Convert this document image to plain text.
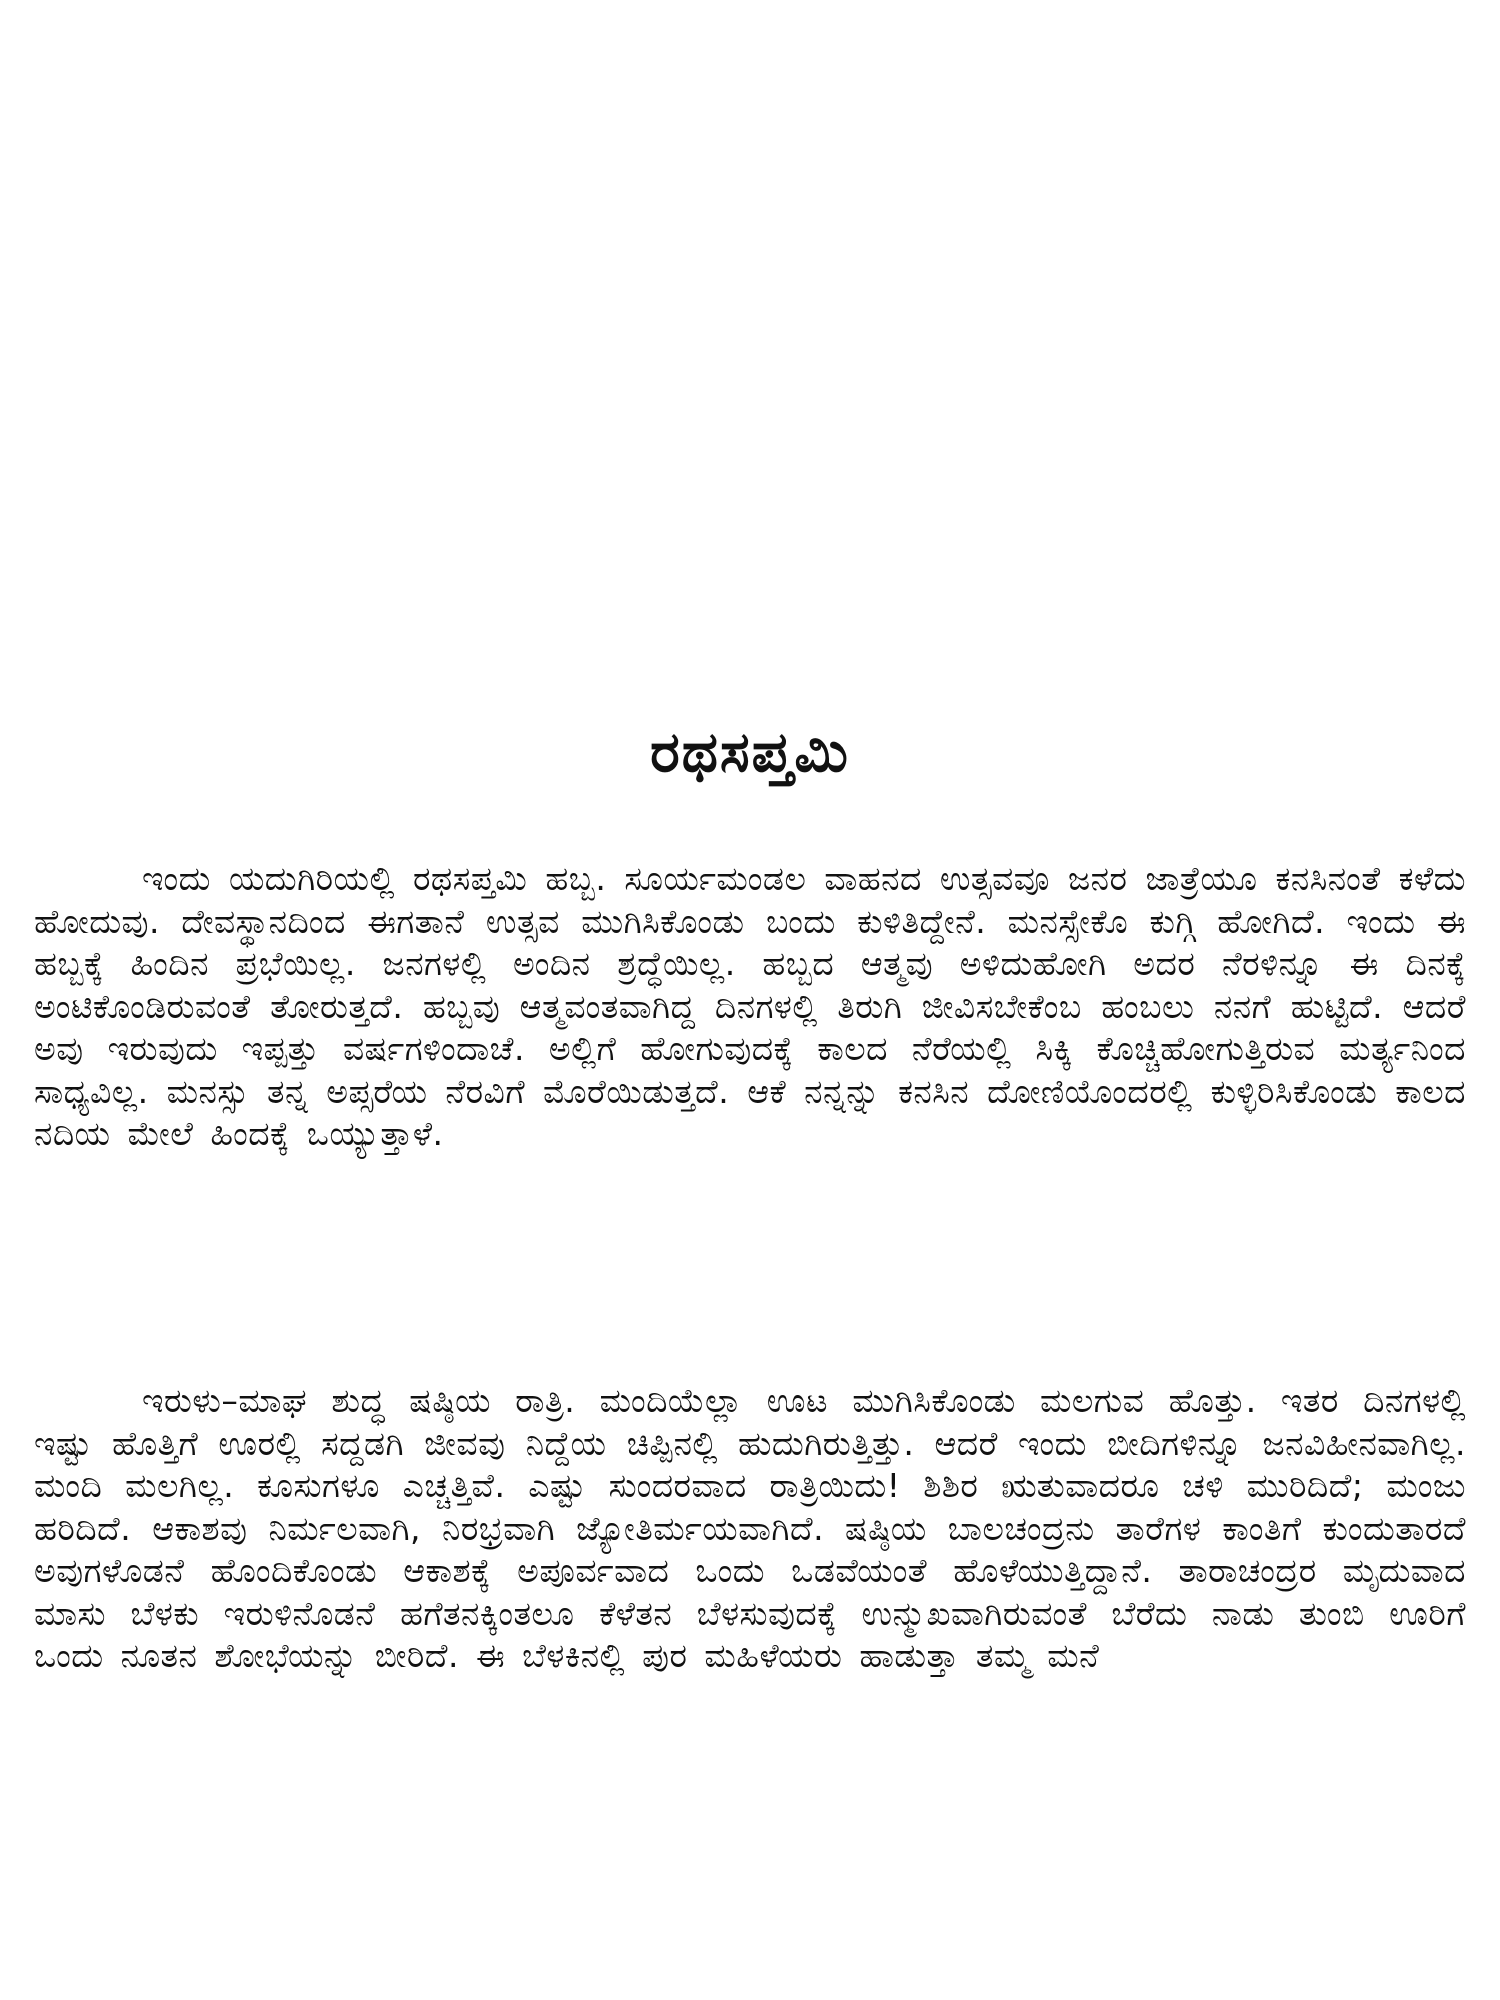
ರಥಸಪ್ತಮಿ

ಇಂದು ಯದುಗಿರಿಯಲ್ಲಿ ರಥಸಪ್ತಮಿ ಹಬ್ಬ. ಸೂರ್ಯಮಂಡಲ ವಾಹನದ ಉತ್ಸವವೂ ಜನರ ಜಾತ್ರೆಯೂ ಕನಸಿನಂತೆ ಕಳೆದು ಹೋದುವು. ದೇವಸ್ಥಾನದಿಂದ ಈಗತಾನೆ ಉತ್ಸವ ಮುಗಿಸಿಕೊಂಡು ಬಂದು ಕುಳಿತಿದ್ದೇನೆ. ಮನಸ್ಸೇಕೊ ಕುಗ್ಗಿ ಹೋಗಿದೆ. ಇಂದು ಈ ಹಬ್ಬಕ್ಕೆ ಹಿಂದಿನ ಪ್ರಭೆಯಿಲ್ಲ. ಜನಗಳಲ್ಲಿ ಅಂದಿನ ಶ್ರದ್ಧೆಯಿಲ್ಲ. ಹಬ್ಬದ ಆತ್ಮವು ಅಳಿದುಹೋಗಿ ಅದರ ನೆರಳಿನ್ನೂ ಈ ದಿನಕ್ಕೆ ಅಂಟಿಕೊಂಡಿರುವಂತೆ ತೋರುತ್ತದೆ. ಹಬ್ಬವು ಆತ್ಮವಂತವಾಗಿದ್ದ ದಿನಗಳಲ್ಲಿ ತಿರುಗಿ ಜೀವಿಸಬೇಕೆಂಬ ಹಂಬಲು ನನಗೆ ಹುಟ್ಟಿದೆ. ಆದರೆ ಅವು ಇರುವುದು ಇಪ್ಪತ್ತು ವರ್ಷಗಳಿಂದಾಚೆ. ಅಲ್ಲಿಗೆ ಹೋಗುವುದಕ್ಕೆ ಕಾಲದ ನೆರೆಯಲ್ಲಿ ಸಿಕ್ಕಿ ಕೊಚ್ಚಿಹೋಗುತ್ತಿರುವ ಮರ್ತ್ಯನಿಂದ ಸಾಧ್ಯವಿಲ್ಲ. ಮನಸ್ಸು ತನ್ನ ಅಪ್ಸರೆಯ ನೆರವಿಗೆ ಮೊರೆಯಿಡುತ್ತದೆ. ಆಕೆ ನನ್ನನ್ನು ಕನಸಿನ ದೋಣಿಯೊಂದರಲ್ಲಿ ಕುಳ್ಳಿರಿಸಿಕೊಂಡು ಕಾಲದ ನದಿಯ ಮೇಲೆ ಹಿಂದಕ್ಕೆ ಒಯ್ಯುತ್ತಾಳೆ.

ಇರುಳು–ಮಾಘ ಶುದ್ಧ ಷಷ್ಠಿಯ ರಾತ್ರಿ. ಮಂದಿಯೆಲ್ಲಾ ಊಟ ಮುಗಿಸಿಕೊಂಡು ಮಲಗುವ ಹೊತ್ತು. ಇತರ ದಿನಗಳಲ್ಲಿ ಇಷ್ಟು ಹೊತ್ತಿಗೆ ಊರಲ್ಲಿ ಸದ್ದಡಗಿ ಜೀವವು ನಿದ್ದೆಯ ಚಿಪ್ಪಿನಲ್ಲಿ ಹುದುಗಿರುತ್ತಿತ್ತು. ಆದರೆ ಇಂದು ಬೀದಿಗಳಿನ್ನೂ ಜನವಿಹೀನವಾಗಿಲ್ಲ. ಮಂದಿ ಮಲಗಿಲ್ಲ. ಕೂಸುಗಳೂ ಎಚ್ಚತ್ತಿವೆ. ಎಷ್ಟು ಸುಂದರವಾದ ರಾತ್ರಿಯಿದು! ಶಿಶಿರ ಋತುವಾದರೂ ಚಳಿ ಮುರಿದಿದೆ; ಮಂಜು ಹರಿದಿದೆ. ಆಕಾಶವು ನಿರ್ಮಲವಾಗಿ, ನಿರಭ್ರವಾಗಿ ಜ್ಯೋತಿರ್ಮಯವಾಗಿದೆ. ಷಷ್ಠಿಯ ಬಾಲಚಂದ್ರನು ತಾರೆಗಳ ಕಾಂತಿಗೆ ಕುಂದುತಾರದೆ ಅವುಗಳೊಡನೆ ಹೊಂದಿಕೊಂಡು ಆಕಾಶಕ್ಕೆ ಅಪೂರ್ವವಾದ ಒಂದು ಒಡವೆಯಂತೆ ಹೊಳೆಯುತ್ತಿದ್ದಾನೆ. ತಾರಾಚಂದ್ರರ ಮೃದುವಾದ ಮಾಸು ಬೆಳಕು ಇರುಳಿನೊಡನೆ ಹಗೆತನಕ್ಕಿಂತಲೂ ಕೆಳೆತನ ಬೆಳಸುವುದಕ್ಕೆ ಉನ್ಮುಖವಾಗಿರುವಂತೆ ಬೆರೆದು ನಾಡು ತುಂಬಿ ಊರಿಗೆ ಒಂದು ನೂತನ ಶೋಭೆಯನ್ನು ಬೀರಿದೆ. ಈ ಬೆಳಕಿನಲ್ಲಿ ಪುರ ಮಹಿಳೆಯರು ಹಾಡುತ್ತಾ ತಮ್ಮ ಮನೆ
